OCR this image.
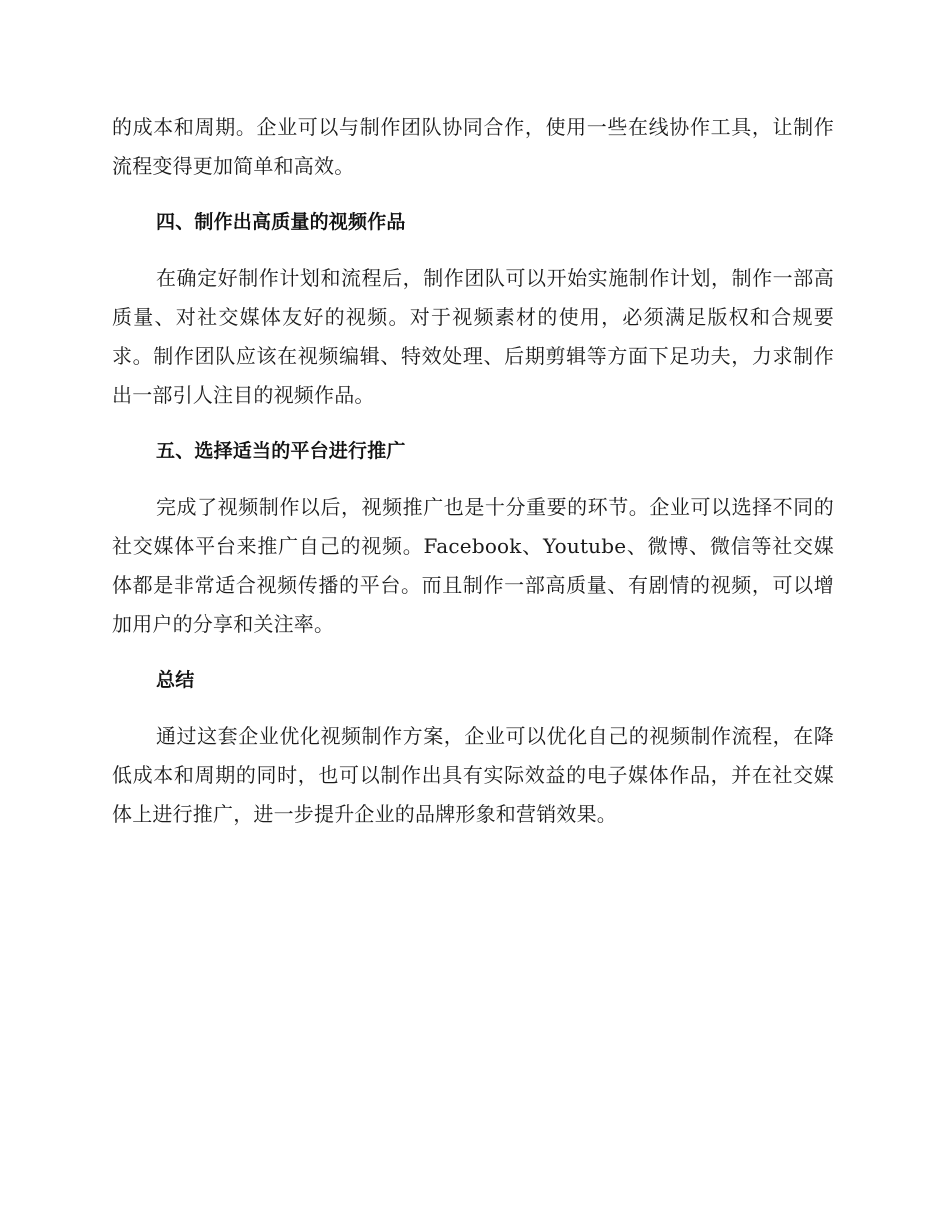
的成本和周期。企业可以与制作团队协同合作，使用一些在线协作工具，让制作流程变得更加简单和高效。

四、制作出高质量的视频作品

在确定好制作计划和流程后，制作团队可以开始实施制作计划，制作一部高质量、对社交媒体友好的视频。对于视频素材的使用，必须满足版权和合规要求。制作团队应该在视频编辑、特效处理、后期剪辑等方面下足功夫，力求制作出一部引人注目的视频作品。

五、选择适当的平台进行推广

完成了视频制作以后，视频推广也是十分重要的环节。企业可以选择不同的社交媒体平台来推广自己的视频。Facebook、Youtube、微博、微信等社交媒体都是非常适合视频传播的平台。而且制作一部高质量、有剧情的视频，可以增加用户的分享和关注率。

总结

通过这套企业优化视频制作方案，企业可以优化自己的视频制作流程，在降低成本和周期的同时，也可以制作出具有实际效益的电子媒体作品，并在社交媒体上进行推广，进一步提升企业的品牌形象和营销效果。
